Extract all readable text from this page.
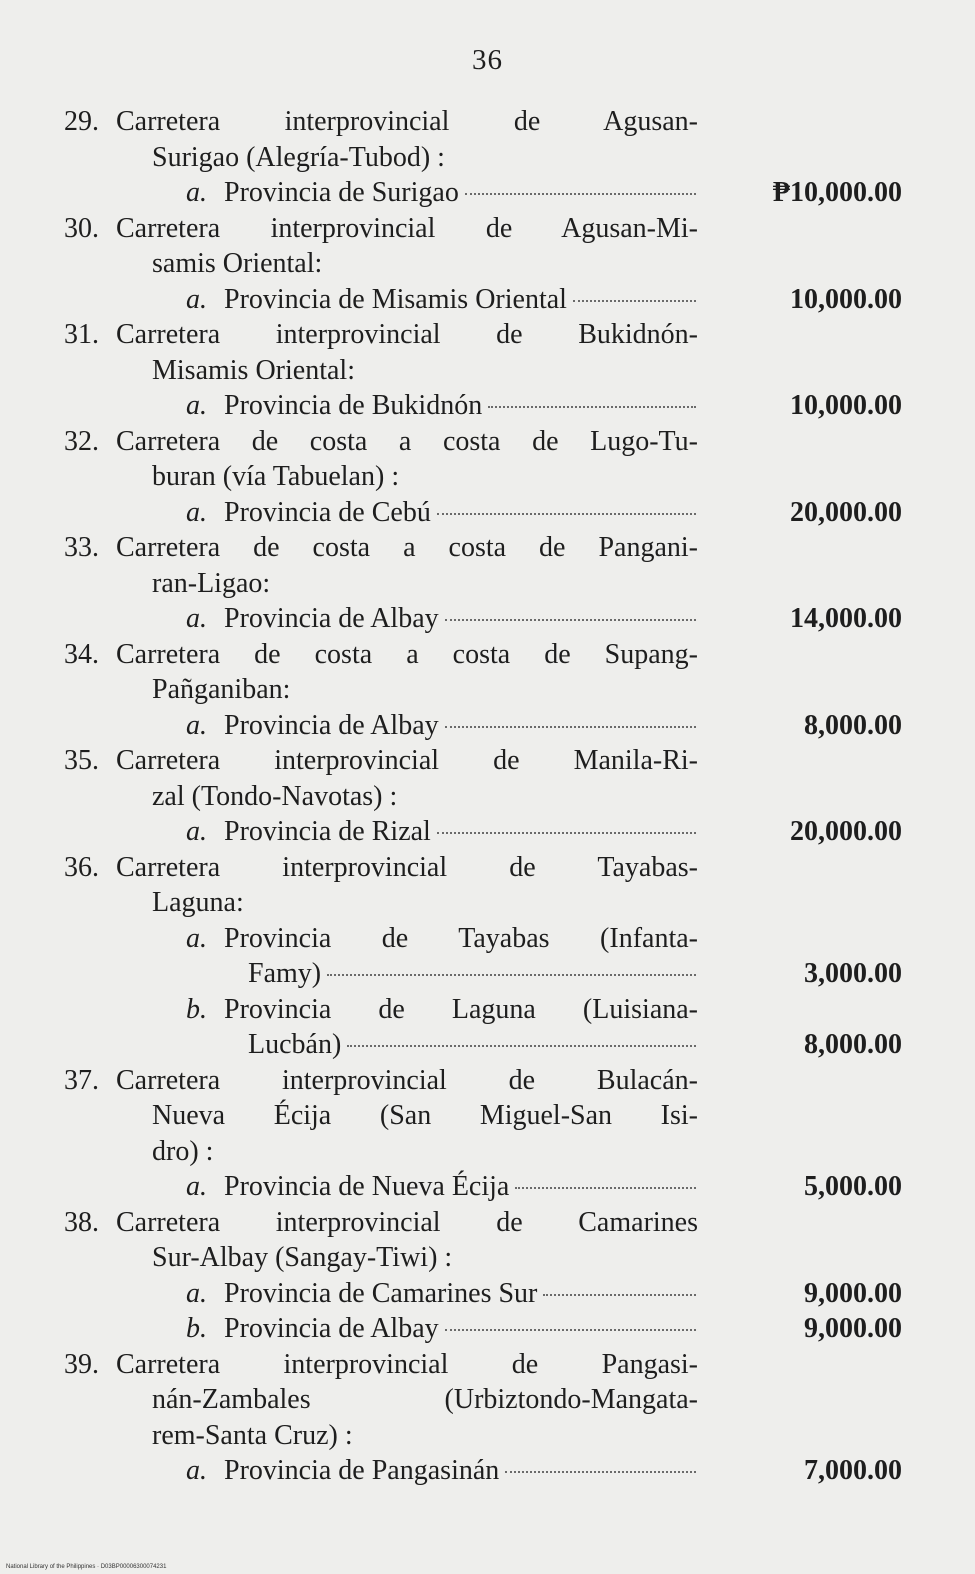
36
29. Carretera interprovincial de Agusan-
Surigao (Alegría-Tubod) :
a. Provincia de Surigao	₱10,000.00
30. Carretera interprovincial de Agusan-Mi-
samis Oriental:
a. Provincia de Misamis Oriental	10,000.00
31. Carretera interprovincial de Bukidnón-
Misamis Oriental:
a. Provincia de Bukidnón	10,000.00
32. Carretera de costa a costa de Lugo-Tu-
buran (vía Tabuelan) :
a. Provincia de Cebú	20,000.00
33. Carretera de costa a costa de Pangani-
ran-Ligao:
a. Provincia de Albay	14,000.00
34. Carretera de costa a costa de Supang-
Pañganiban:
a. Provincia de Albay	8,000.00
35. Carretera interprovincial de Manila-Ri-
zal (Tondo-Navotas) :
a. Provincia de Rizal	20,000.00
36. Carretera interprovincial de Tayabas-
Laguna:
a. Provincia de Tayabas (Infanta-
Famy)	3,000.00
b. Provincia de Laguna (Luisiana-
Lucbán)	8,000.00
37. Carretera interprovincial de Bulacán-
Nueva Écija (San Miguel-San Isi-
dro) :
a. Provincia de Nueva Écija	5,000.00
38. Carretera interprovincial de Camarines
Sur-Albay (Sangay-Tiwi) :
a. Provincia de Camarines Sur	9,000.00
b. Provincia de Albay	9,000.00
39. Carretera interprovincial de Pangasi-
nán-Zambales (Urbiztondo-Mangata-
rem-Santa Cruz) :
a. Provincia de Pangasinán	7,000.00
National Library of the Philippines · D03BP00006300074231
